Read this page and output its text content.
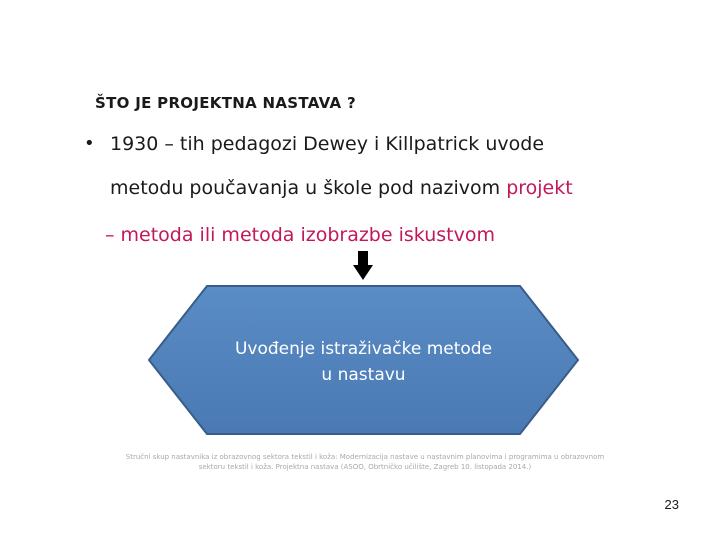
ŠTO JE PROJEKTNA NASTAVA ?
• 1930 – tih pedagozi Dewey i Killpatrick uvode
metodu poučavanja u škole pod nazivom projekt
– metoda ili metoda izobrazbe iskustvom
Uvođenje istraživačke metode
u nastavu
Stručni skup nastavnika iz obrazovnog sektora tekstil i koža: Modernizacija nastave u nastavnim planovima i programima u obrazovnom
sektoru tekstil i koža. Projektna nastava (ASOO, Obrtničko učilište, Zagreb 10. listopada 2014.)
23
